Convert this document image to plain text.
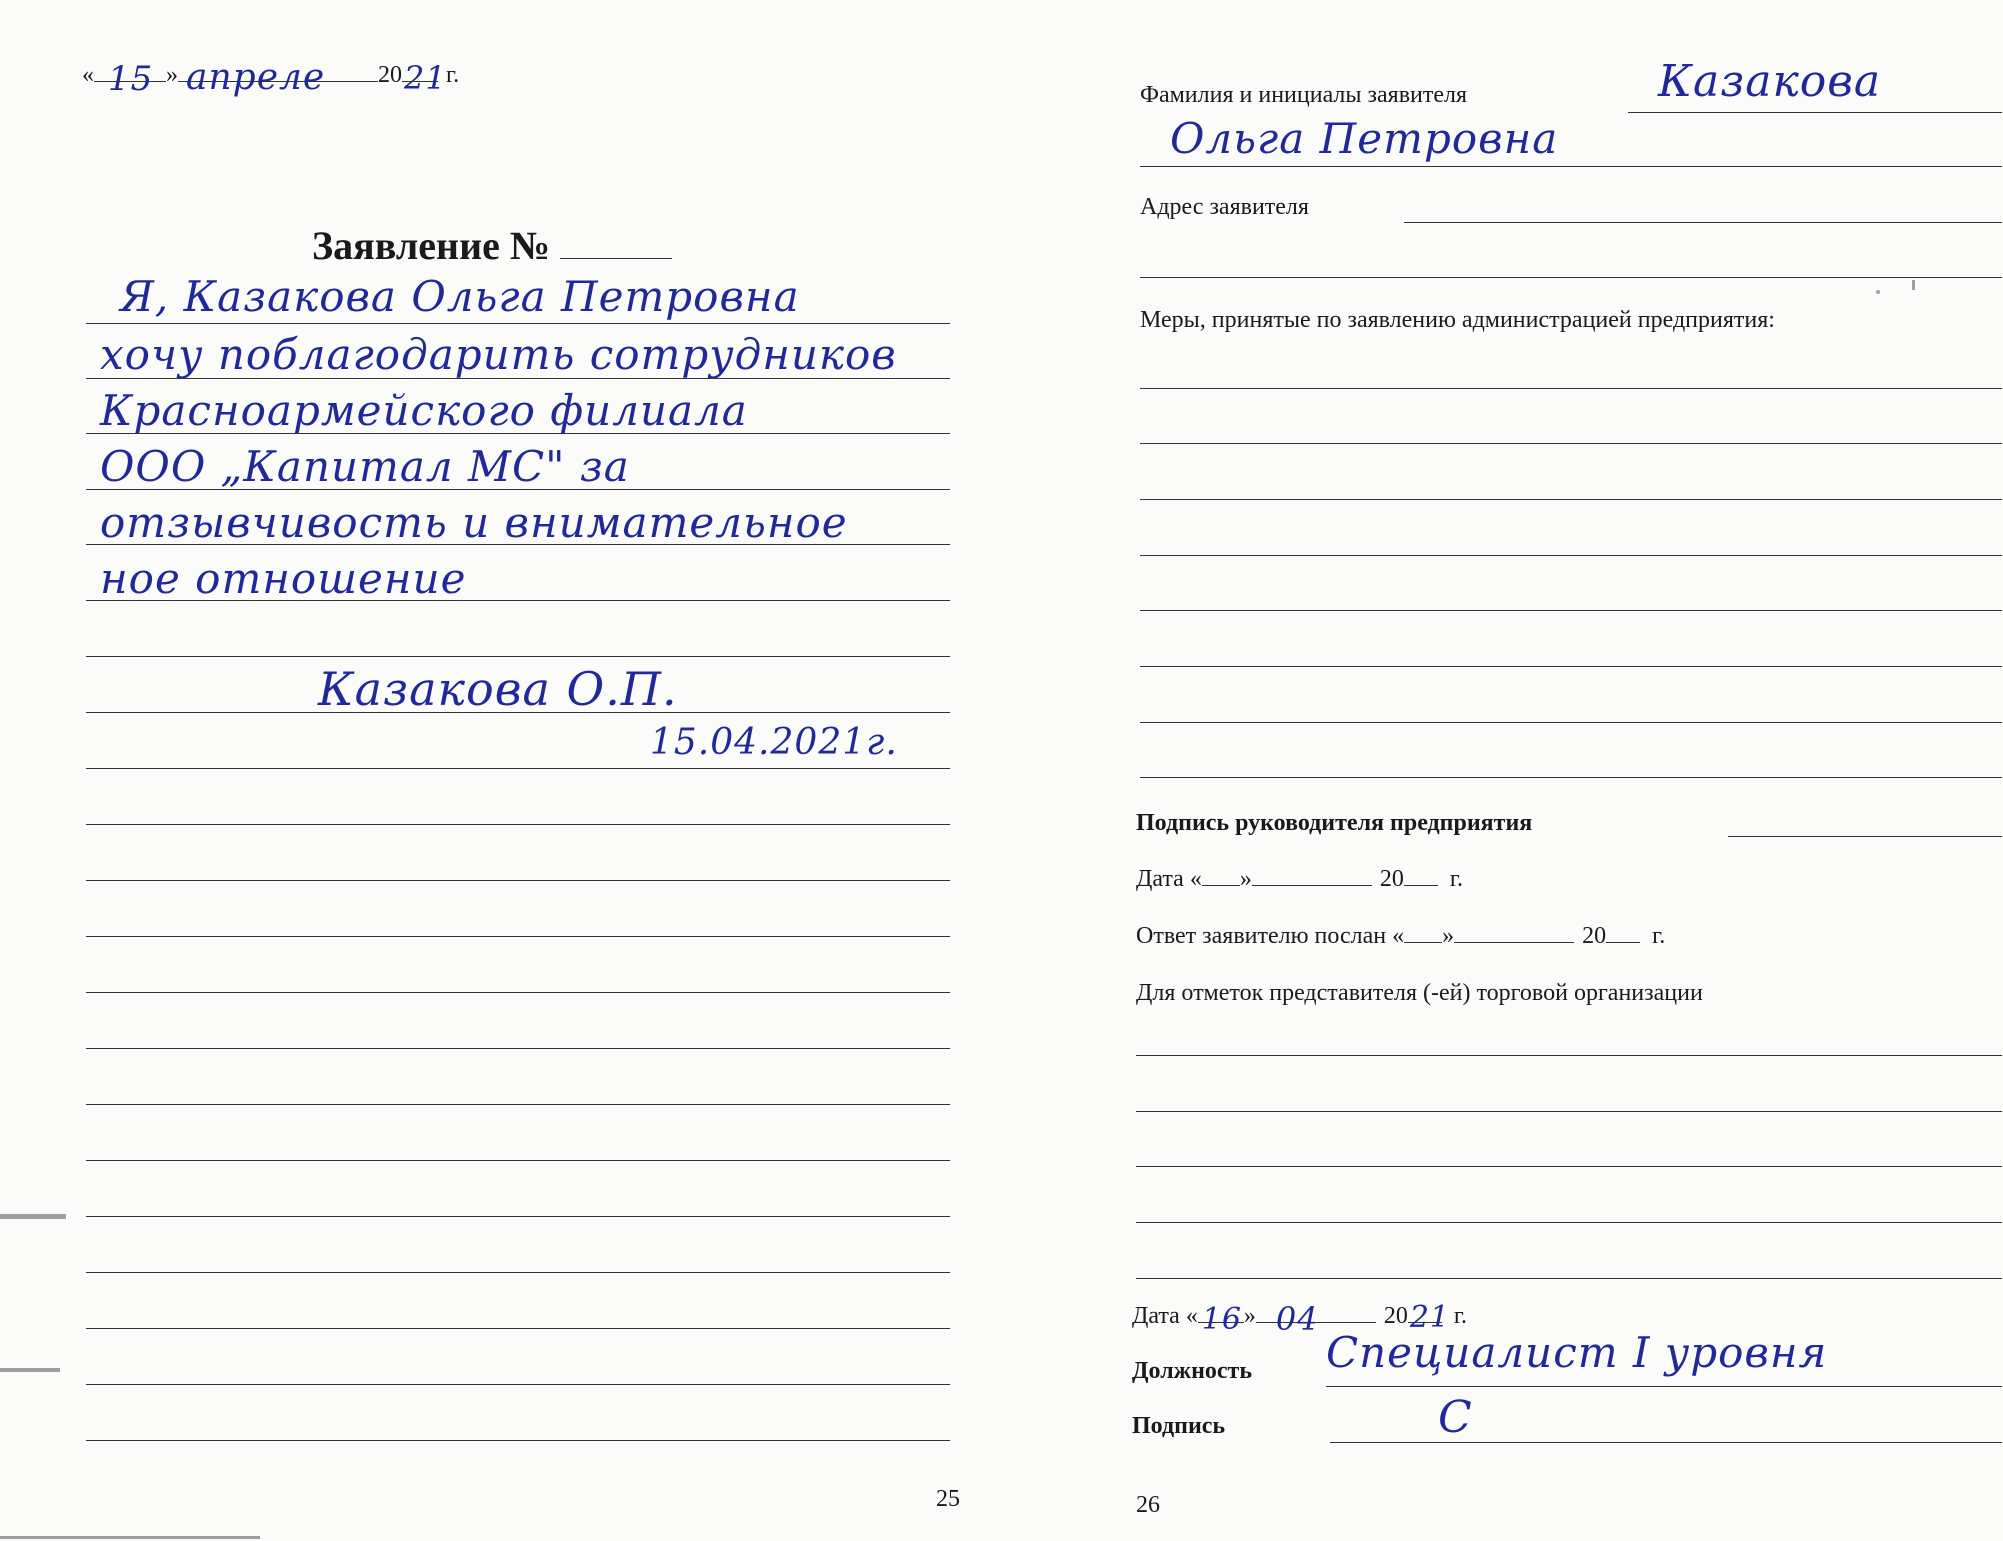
« 15 » апреле 20 21 г.
Заявление №
Я, Казакова Ольга Петровна
хочу поблагодарить сотрудников
Красноармейского филиала
ООО „Капитал МС" за
отзывчивость и внимательное
ное отношение
Казакова О.П.
15.04.2021г.
25
Фамилия и инициалы заявителя	Казакова
Ольга Петровна
Адрес заявителя
Меры, принятые по заявлению администрацией предприятия:
Подпись руководителя предприятия
Дата « »	20 г.
Ответ заявителю послан « »	20 г.
Для отметок представителя (-ей) торговой организации
Дата « 16 » 04	20 21 г.
Должность Специалист I уровня
Подпись	С
26
